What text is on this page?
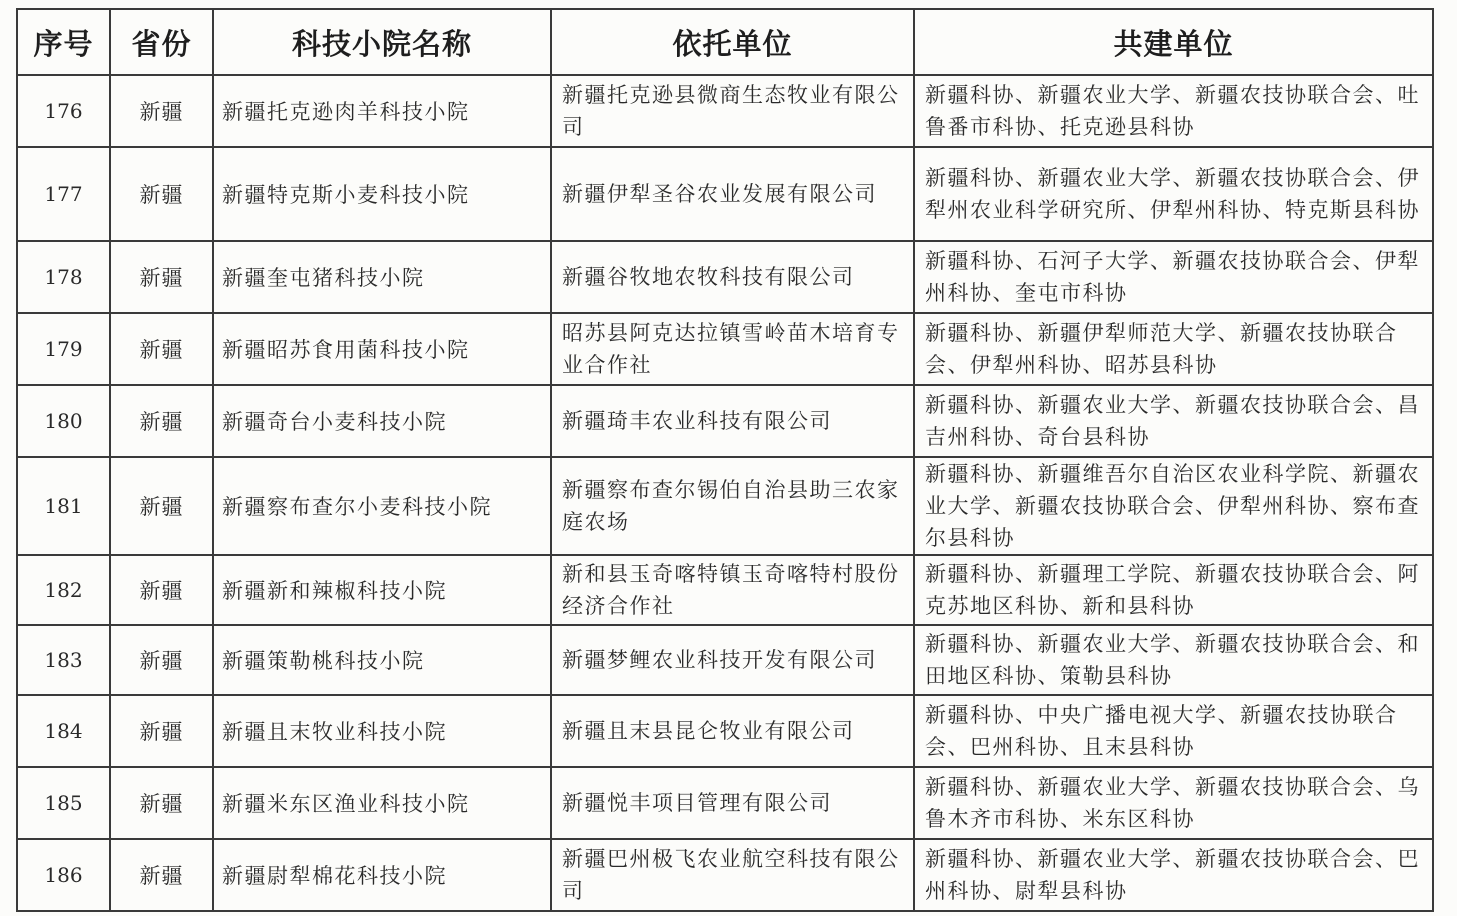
序号	省份	科技小院名称	依托单位	共建单位
176	新疆	新疆托克逊肉羊科技小院	新疆托克逊县微商生态牧业有限公司	新疆科协、新疆农业大学、新疆农技协联合会、吐鲁番市科协、托克逊县科协
177	新疆	新疆特克斯小麦科技小院	新疆伊犁圣谷农业发展有限公司	新疆科协、新疆农业大学、新疆农技协联合会、伊犁州农业科学研究所、伊犁州科协、特克斯县科协
178	新疆	新疆奎屯猪科技小院	新疆谷牧地农牧科技有限公司	新疆科协、石河子大学、新疆农技协联合会、伊犁州科协、奎屯市科协
179	新疆	新疆昭苏食用菌科技小院	昭苏县阿克达拉镇雪岭苗木培育专业合作社	新疆科协、新疆伊犁师范大学、新疆农技协联合会、伊犁州科协、昭苏县科协
180	新疆	新疆奇台小麦科技小院	新疆琦丰农业科技有限公司	新疆科协、新疆农业大学、新疆农技协联合会、昌吉州科协、奇台县科协
181	新疆	新疆察布查尔小麦科技小院	新疆察布查尔锡伯自治县助三农家庭农场	新疆科协、新疆维吾尔自治区农业科学院、新疆农业大学、新疆农技协联合会、伊犁州科协、察布查尔县科协
182	新疆	新疆新和辣椒科技小院	新和县玉奇喀特镇玉奇喀特村股份经济合作社	新疆科协、新疆理工学院、新疆农技协联合会、阿克苏地区科协、新和县科协
183	新疆	新疆策勒桃科技小院	新疆梦鲤农业科技开发有限公司	新疆科协、新疆农业大学、新疆农技协联合会、和田地区科协、策勒县科协
184	新疆	新疆且末牧业科技小院	新疆且末县昆仑牧业有限公司	新疆科协、中央广播电视大学、新疆农技协联合会、巴州科协、且末县科协
185	新疆	新疆米东区渔业科技小院	新疆悦丰项目管理有限公司	新疆科协、新疆农业大学、新疆农技协联合会、乌鲁木齐市科协、米东区科协
186	新疆	新疆尉犁棉花科技小院	新疆巴州极飞农业航空科技有限公司	新疆科协、新疆农业大学、新疆农技协联合会、巴州科协、尉犁县科协
